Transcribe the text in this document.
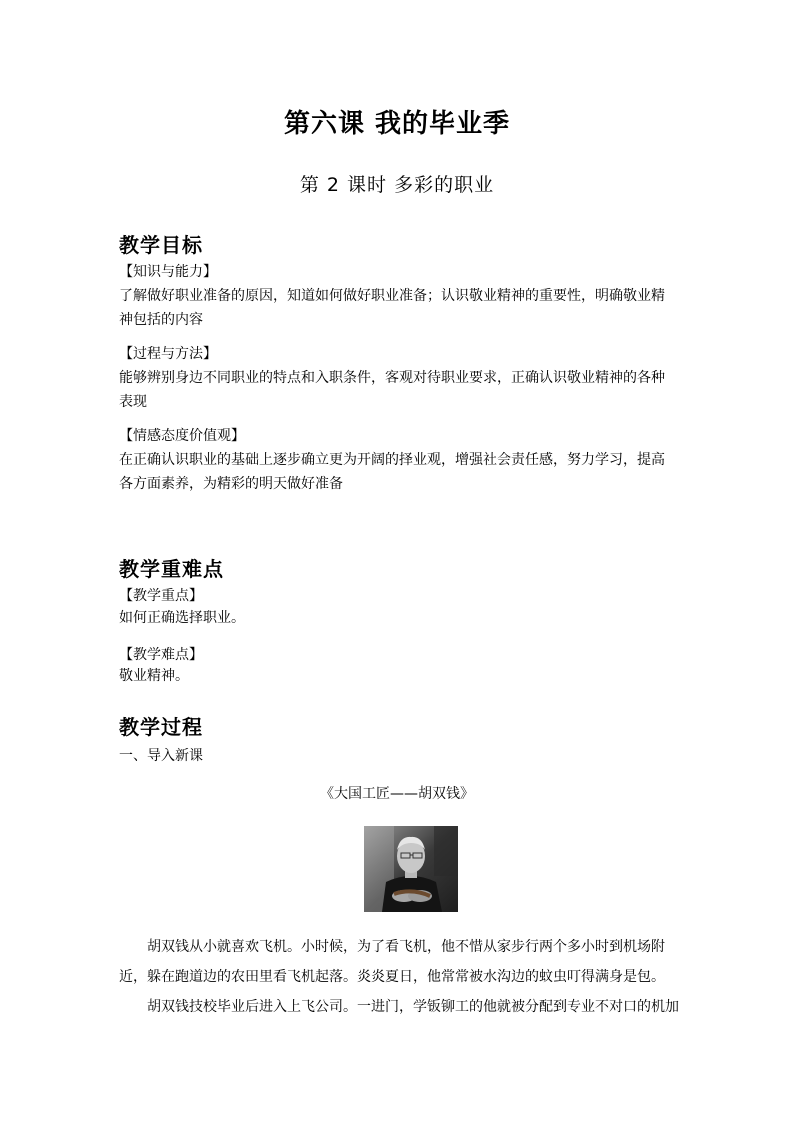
第六课 我的毕业季
第 2 课时 多彩的职业
教学目标
【知识与能力】
了解做好职业准备的原因，知道如何做好职业准备；认识敬业精神的重要性，明确敬业精神包括的内容
【过程与方法】
能够辨别身边不同职业的特点和入职条件，客观对待职业要求，正确认识敬业精神的各种表现
【情感态度价值观】
在正确认识职业的基础上逐步确立更为开阔的择业观，增强社会责任感，努力学习，提高各方面素养，为精彩的明天做好准备
教学重难点
【教学重点】
如何正确选择职业。
【教学难点】
敬业精神。
教学过程
一、导入新课
《大国工匠——胡双钱》
胡双钱从小就喜欢飞机。小时候，为了看飞机，他不惜从家步行两个多小时到机场附近，躲在跑道边的农田里看飞机起落。炎炎夏日，他常常被水沟边的蚊虫叮得满身是包。
胡双钱技校毕业后进入上飞公司。一进门，学钣铆工的他就被分配到专业不对口的机加
